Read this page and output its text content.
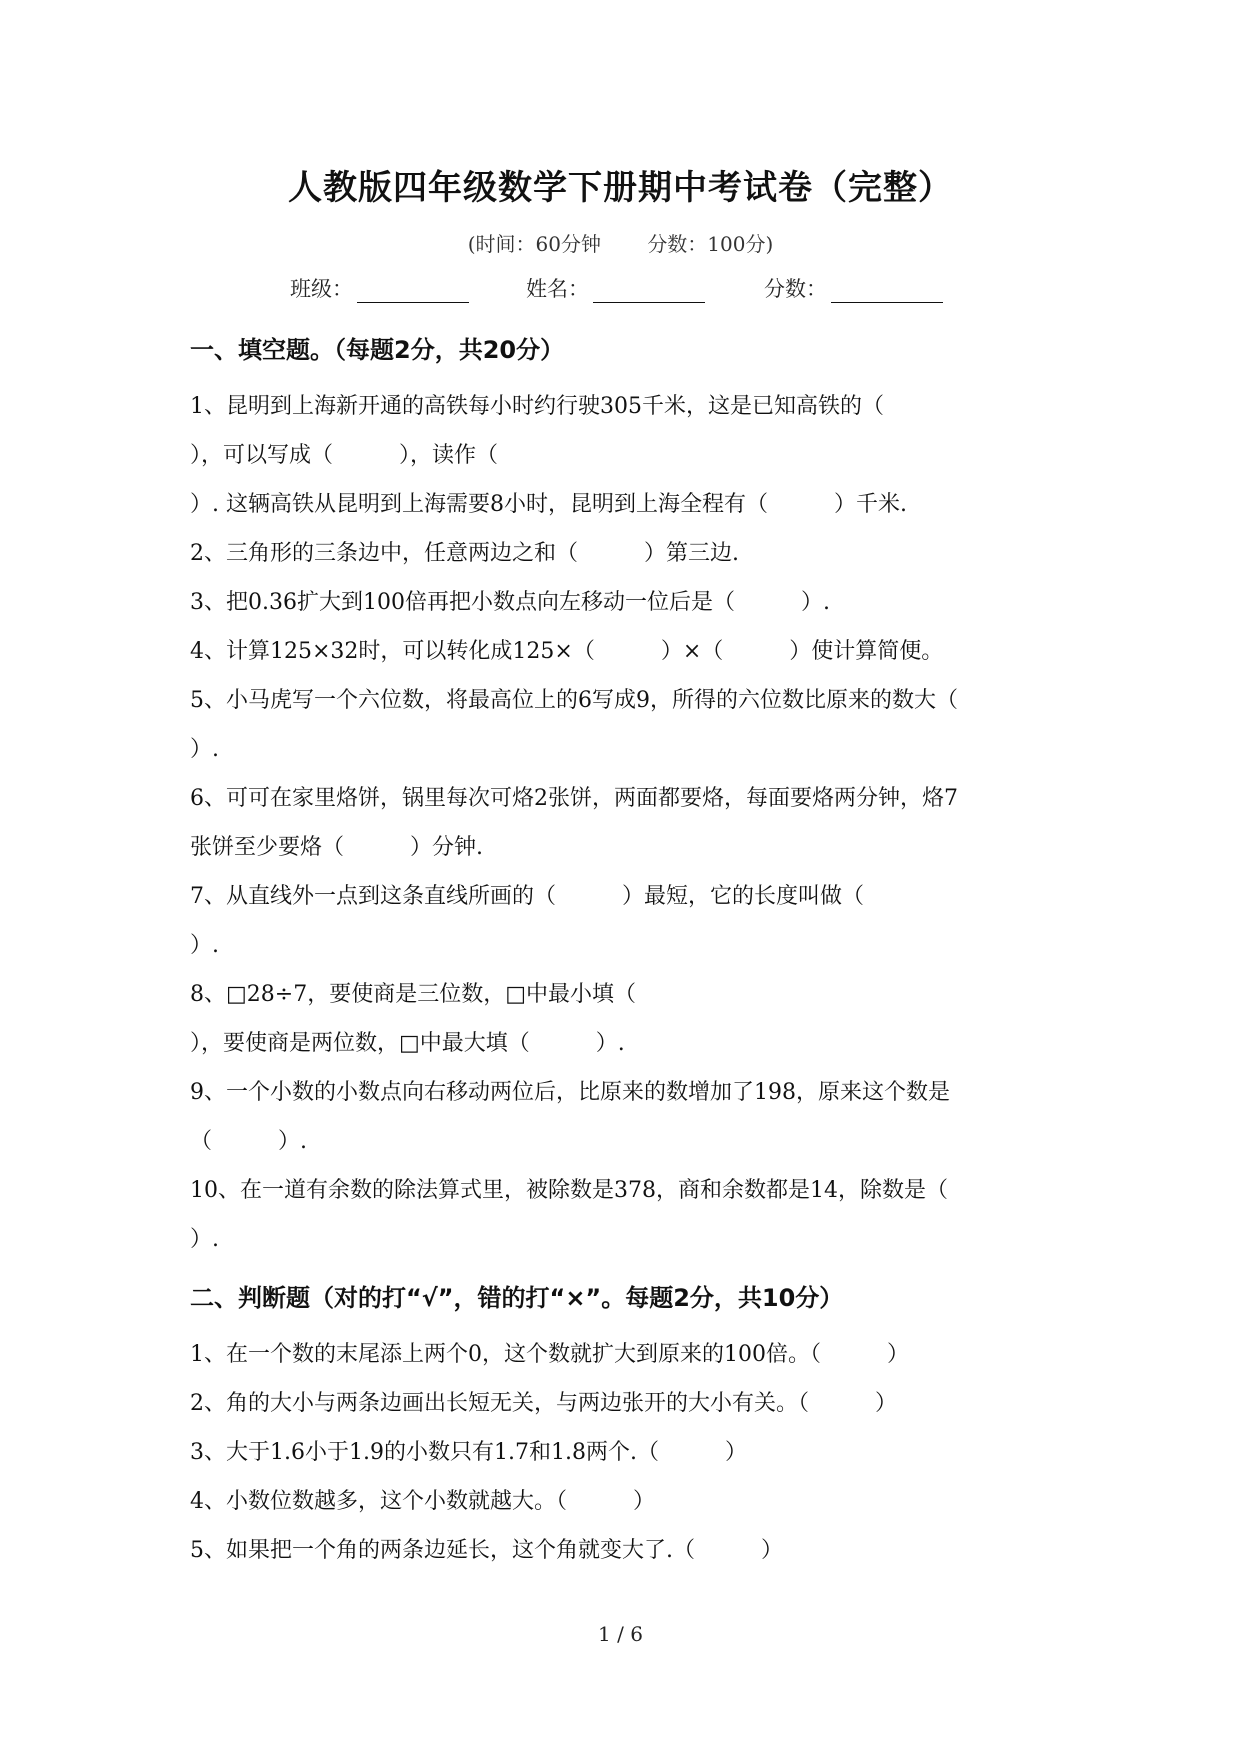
人教版四年级数学下册期中考试卷（完整）
(时间：60分钟 分数：100分)
班级：	姓名：	分数：
一、填空题。（每题2分，共20分）
1、昆明到上海新开通的高铁每小时约行驶305千米，这是已知高铁的（
），可以写成（　　　），读作（
）. 这辆高铁从昆明到上海需要8小时，昆明到上海全程有（　　　）千米.
2、三角形的三条边中，任意两边之和（　　　）第三边.
3、把0.36扩大到100倍再把小数点向左移动一位后是（　　　）.
4、计算125×32时，可以转化成125×（　　　）×（　　　）使计算简便。
5、小马虎写一个六位数，将最高位上的6写成9，所得的六位数比原来的数大（
）.
6、可可在家里烙饼，锅里每次可烙2张饼，两面都要烙，每面要烙两分钟，烙7
张饼至少要烙（　　　）分钟.
7、从直线外一点到这条直线所画的（　　　）最短，它的长度叫做（
）.
8、□28÷7，要使商是三位数，□中最小填（
），要使商是两位数，□中最大填（　　　）.
9、一个小数的小数点向右移动两位后，比原来的数增加了198，原来这个数是
（　　　）.
10、在一道有余数的除法算式里，被除数是378，商和余数都是14，除数是（
）.
二、判断题（对的打“√”，错的打“×”。每题2分，共10分）
1、在一个数的末尾添上两个0，这个数就扩大到原来的100倍。（　　　）
2、角的大小与两条边画出长短无关，与两边张开的大小有关。（　　　）
3、大于1.6小于1.9的小数只有1.7和1.8两个.（　　　）
4、小数位数越多，这个小数就越大。（　　　）
5、如果把一个角的两条边延长，这个角就变大了.（　　　）
1 / 6
